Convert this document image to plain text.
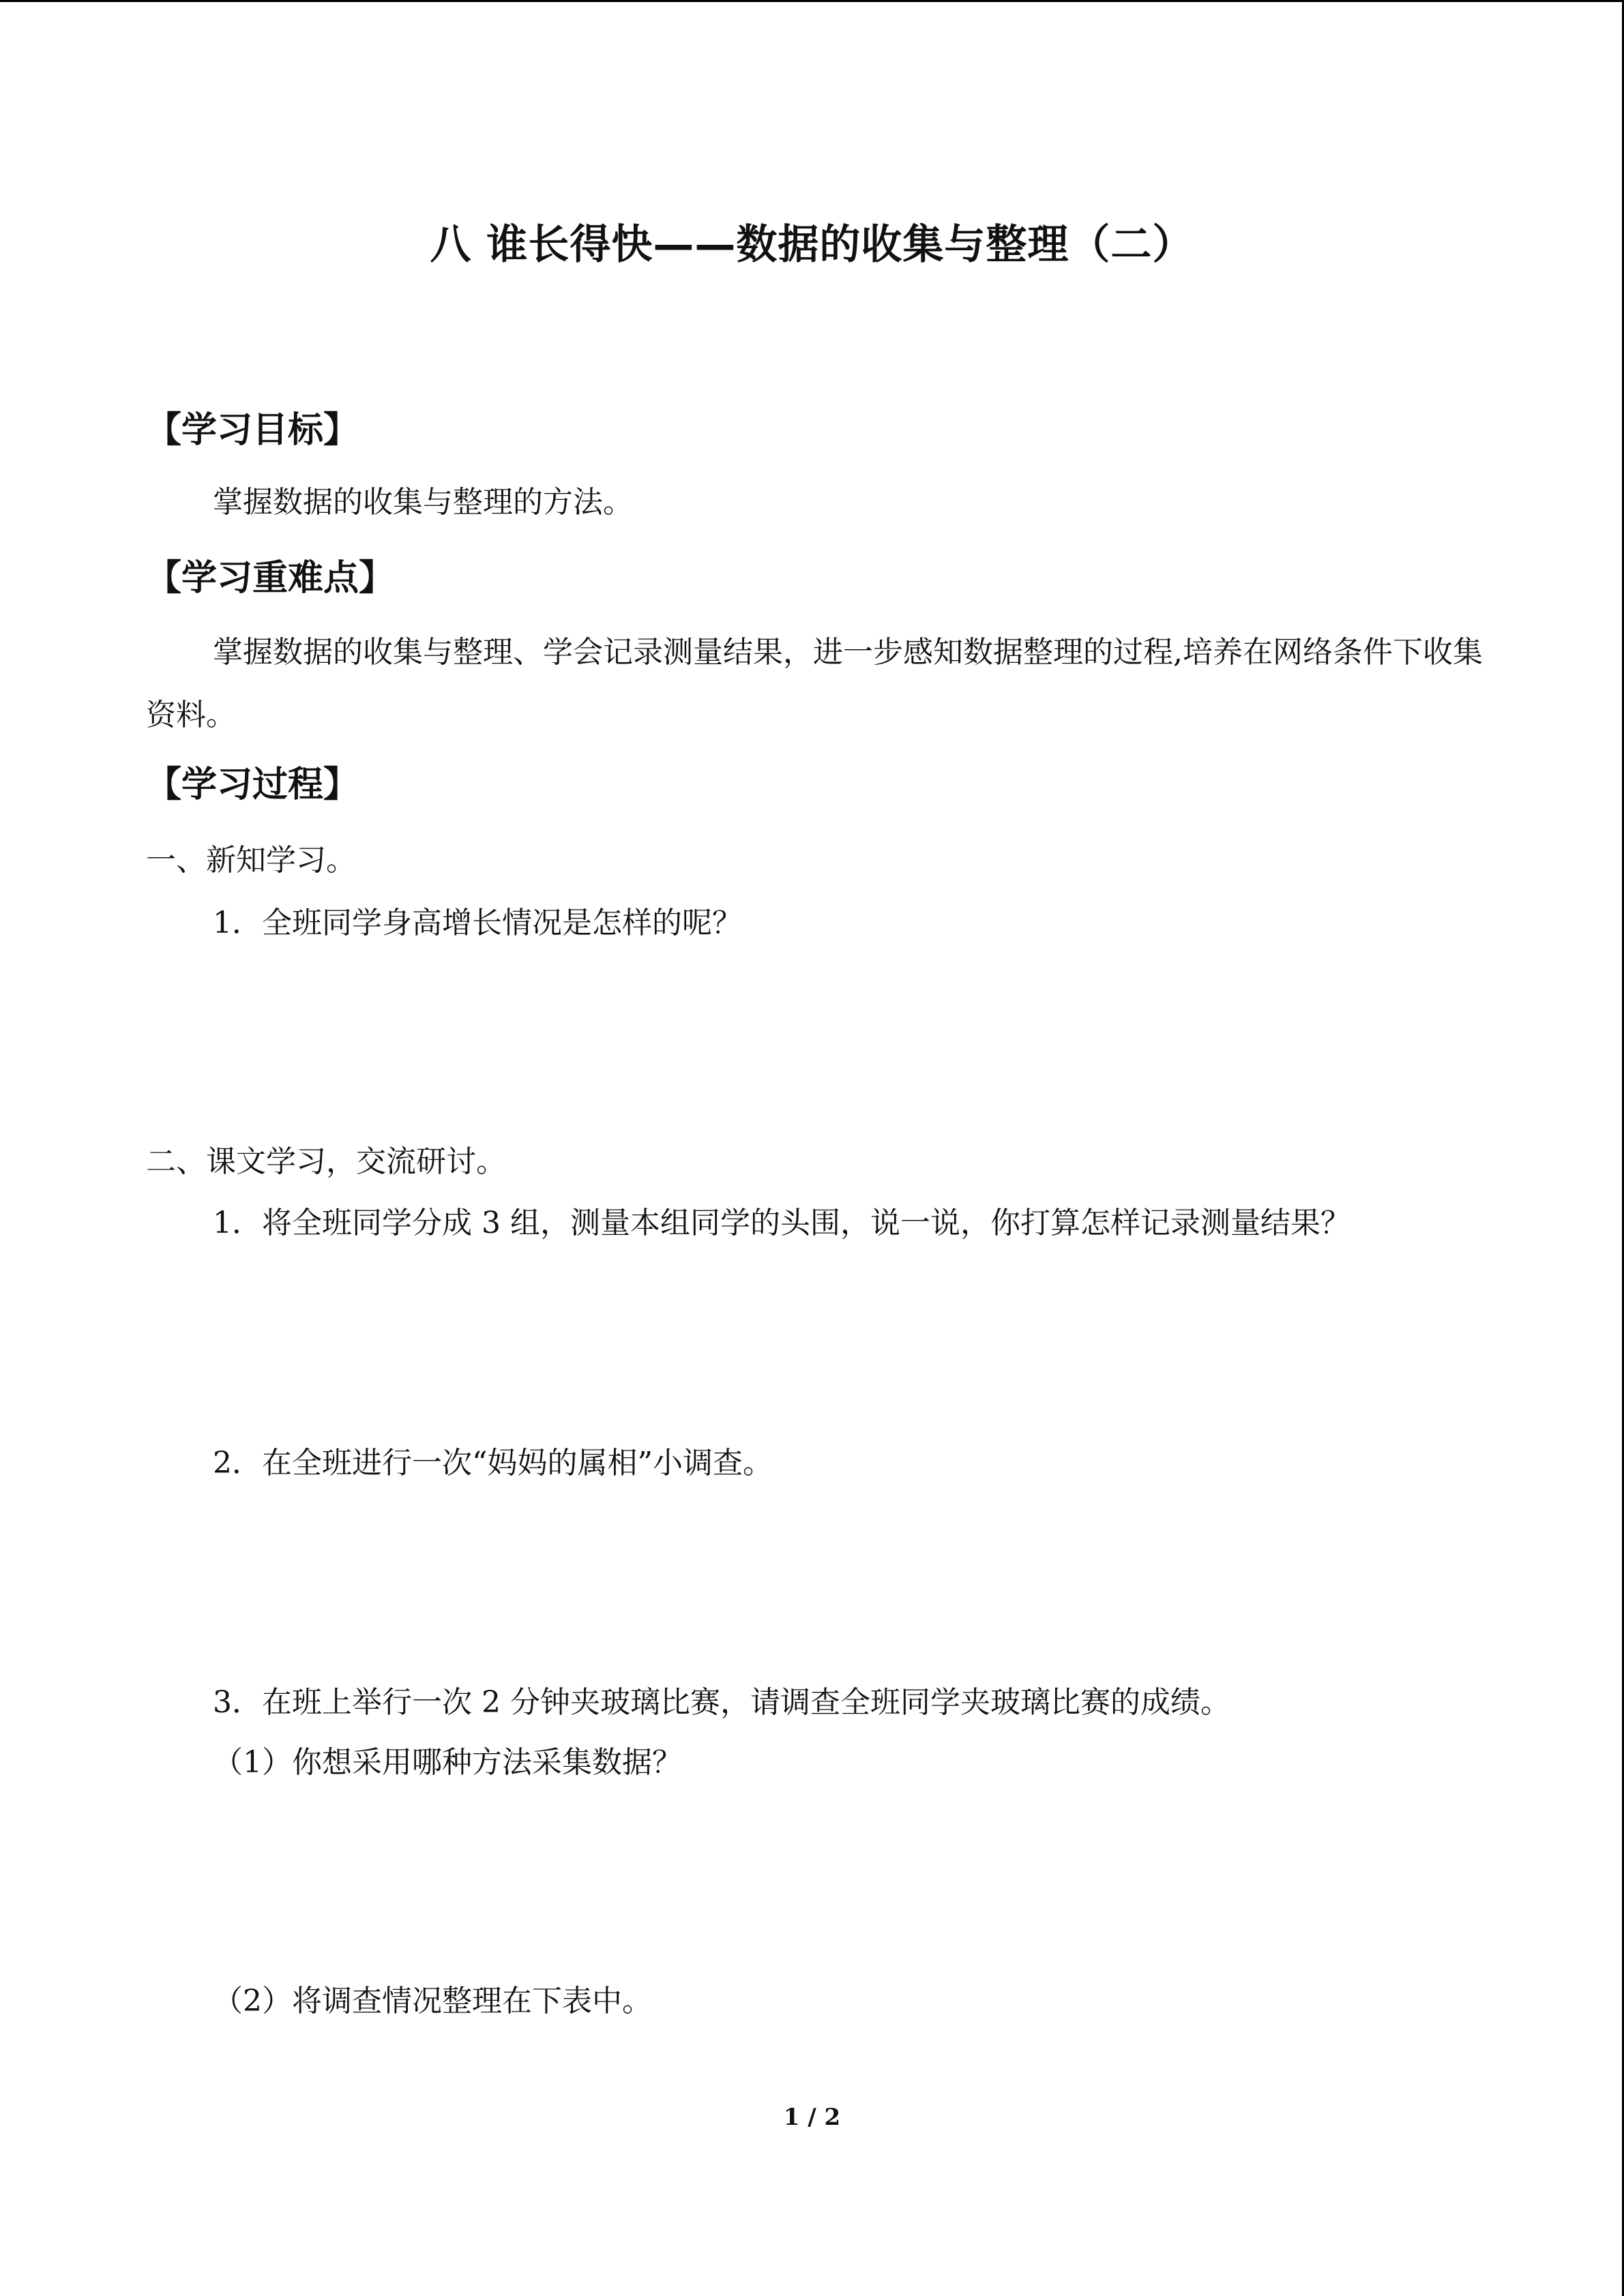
八 谁长得快——数据的收集与整理（二）
【学习目标】
掌握数据的收集与整理的方法。
【学习重难点】

掌握数据的收集与整理、学会记录测量结果，进一步感知数据整理的过程,培养在网络条件下收集资料。

【学习过程】
一、新知学习。
1．全班同学身高增长情况是怎样的呢？
二、课文学习，交流研讨。
1．将全班同学分成 3 组，测量本组同学的头围，说一说，你打算怎样记录测量结果？
2．在全班进行一次“妈妈的属相”小调查。
3．在班上举行一次 2 分钟夹玻璃比赛，请调查全班同学夹玻璃比赛的成绩。
（1）你想采用哪种方法采集数据？
（2）将调查情况整理在下表中。
1 / 2
